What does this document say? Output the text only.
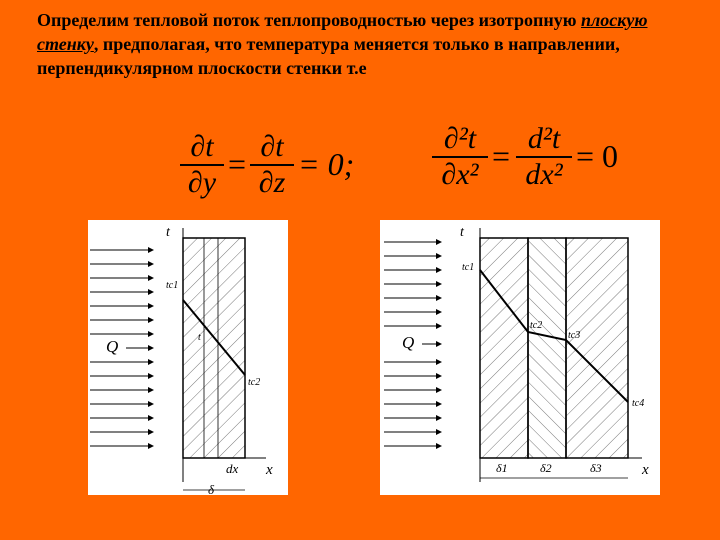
Определим тепловой поток теплопроводностью через изотропную плоскую стенку, предполагая, что температура меняется только в направлении, перпендикулярном плоскости стенки т.е
∂t
∂y
= ∂t
∂z
= 0;
∂²t
∂x²
= d²t
dx²
= 0
t
x
Q
tс1
t
tс2
dx
δ
t
x
Q
tс1
tс2
tс3
tс4
δ1	δ2	δ3
